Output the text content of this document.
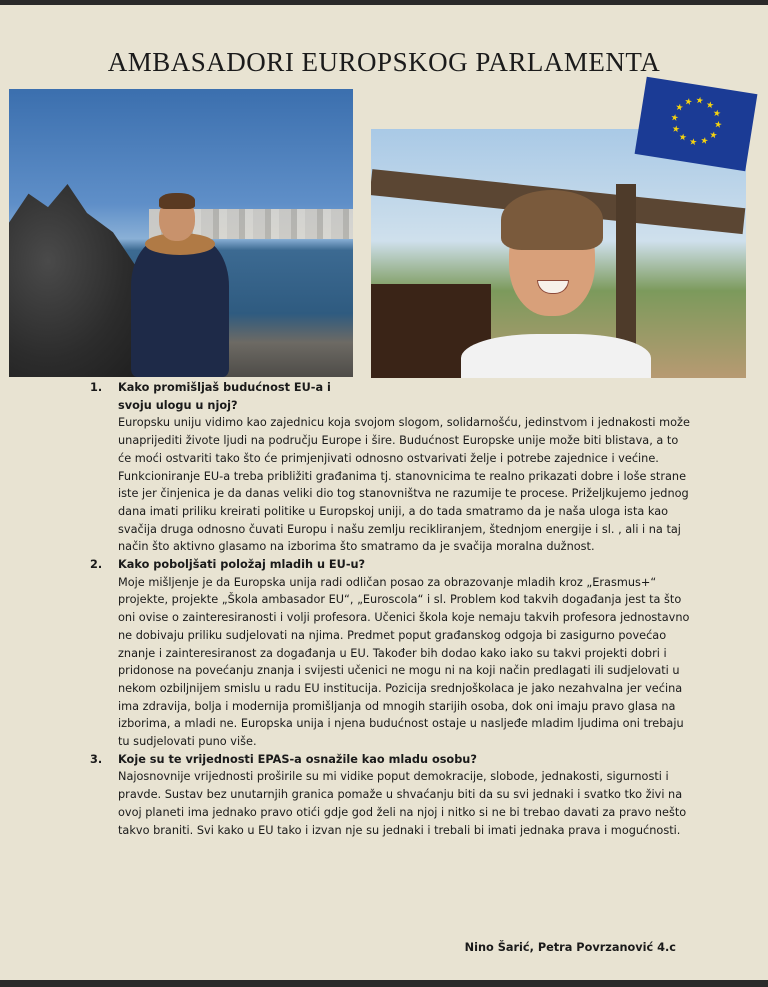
AMBASADORI EUROPSKOG PARLAMENTA
★ ★
★
★
★
★
★
★
★
★
★
★
1.	Kako promišljaš budućnost EU-a i svoju ulogu u njoj?
Europsku uniju vidimo kao zajednicu koja svojom slogom, solidarnošću, jedinstvom i jednakosti može unaprijediti živote ljudi na području Europe i šire. Budućnost Europske unije može biti blistava, a to će moći ostvariti tako što će primjenjivati odnosno ostvarivati želje i potrebe zajednice i većine. Funkcioniranje EU-a treba približiti građanima tj. stanovnicima te realno prikazati dobre i loše strane iste jer činjenica je da danas veliki dio tog stanovništva ne razumije te procese. Priželjkujemo jednog dana imati priliku kreirati politike u Europskoj uniji, a do tada smatramo da je naša uloga ista kao svačija druga odnosno čuvati Europu i našu zemlju recikliranjem, štednjom energije i sl. , ali i na taj način što aktivno glasamo na izborima što smatramo da je svačija moralna dužnost.
2.	Kako poboljšati položaj mladih u EU-u?
Moje mišljenje je da Europska unija radi odličan posao za obrazovanje mladih kroz „Erasmus+“ projekte, projekte „Škola ambasador EU“, „Euroscola“ i sl. Problem kod takvih događanja jest ta što oni ovise o zainteresiranosti i volji profesora. Učenici škola koje nemaju takvih profesora jednostavno ne dobivaju priliku sudjelovati na njima. Predmet poput građanskog odgoja bi zasigurno povećao znanje i zainteresiranost za događanja u EU. Također bih dodao kako iako su takvi projekti dobri i pridonose na povećanju znanja i svijesti učenici ne mogu ni na koji način predlagati ili sudjelovati u nekom ozbiljnijem smislu u radu EU institucija. Pozicija srednjoškolaca je jako nezahvalna jer većina ima zdravija, bolja i modernija promišljanja od mnogih starijih osoba, dok oni imaju pravo glasa na izborima, a mladi ne. Europska unija i njena budućnost ostaje u nasljeđe mladim ljudima oni trebaju tu sudjelovati puno više.
3.	Koje su te vrijednosti EPAS-a osnažile kao mladu osobu?
Najosnovnije vrijednosti proširile su mi vidike poput demokracije, slobode, jednakosti, sigurnosti i pravde. Sustav bez unutarnjih granica pomaže u shvaćanju biti da su svi jednaki i svatko tko živi na ovoj planeti ima jednako pravo otići gdje god želi na njoj i nitko si ne bi trebao davati za pravo nešto takvo braniti. Svi kako u EU tako i izvan nje su jednaki i trebali bi imati jednaka prava i mogućnosti.
Nino Šarić, Petra Povrzanović 4.c
